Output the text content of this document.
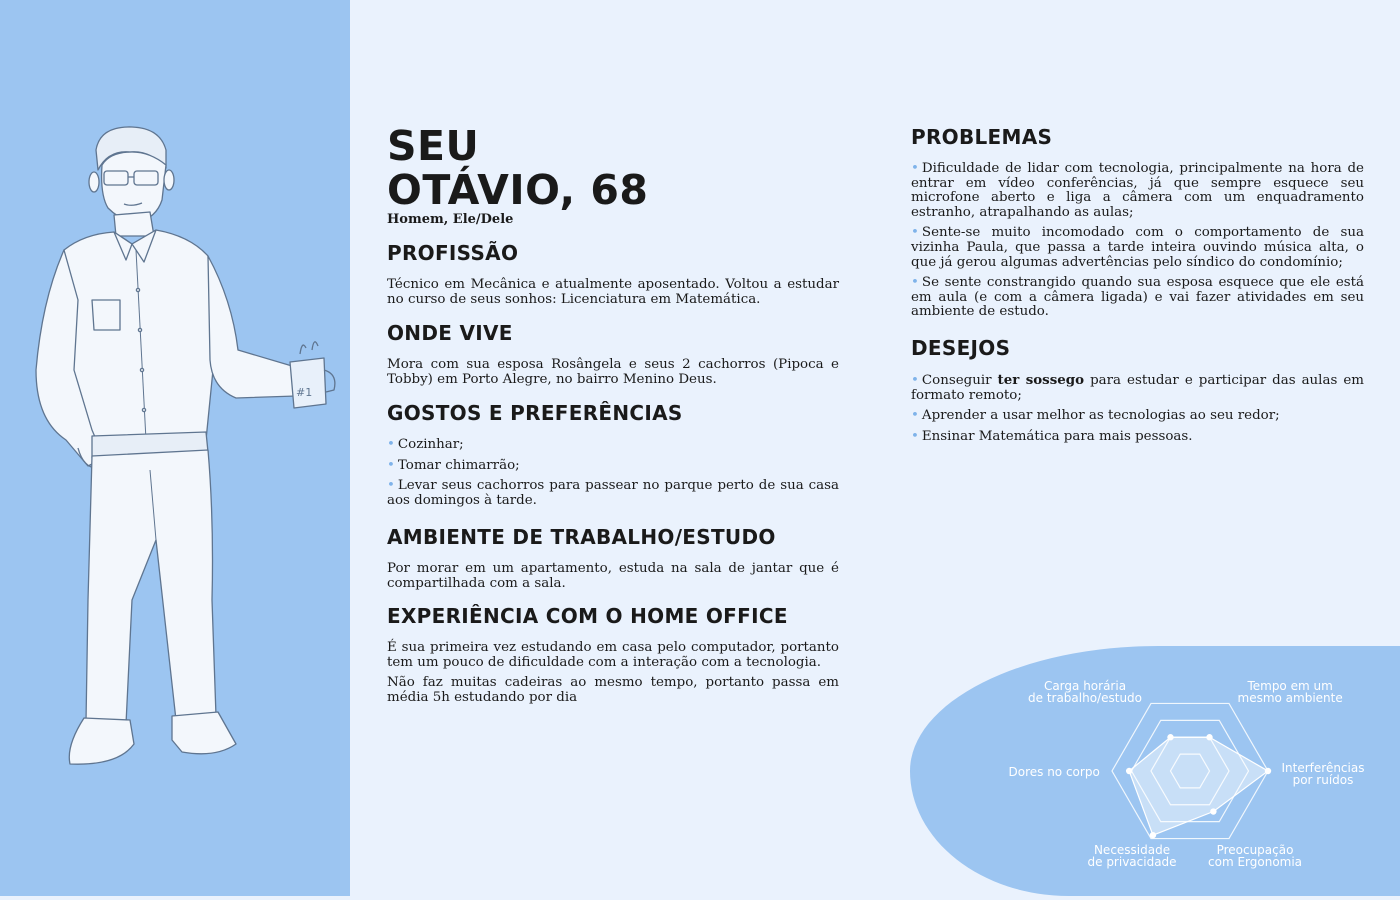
#1
SEU
OTÁVIO, 68
Homem, Ele/Dele
PROFISSÃO

Técnico em Mecânica e atualmente aposentado. Voltou a estudar no curso de seus sonhos: Licenciatura em Matemática.

ONDE VIVE

Mora com sua esposa Rosângela e seus 2 cachorros (Pipoca e Tobby) em Porto Alegre, no bairro Menino Deus.

GOSTOS E PREFERÊNCIAS

• Cozinhar;

• Tomar chimarrão;

• Levar seus cachorros para passear no parque perto de sua casa aos domingos à tarde.

AMBIENTE DE TRABALHO/ESTUDO

Por morar em um apartamento, estuda na sala de jantar que é compartilhada com a sala.

EXPERIÊNCIA COM O HOME OFFICE

É sua primeira vez estudando em casa pelo computador, portanto tem um pouco de dificuldade com a interação com a tecnologia.

Não faz muitas cadeiras ao mesmo tempo, portanto passa em média 5h estudando por dia

PROBLEMAS

• Dificuldade de lidar com tecnologia, principalmente na hora de entrar em vídeo conferências, já que sempre esquece seu microfone aberto e liga a câmera com um enquadramento estranho, atrapalhando as aulas;

• Sente-se muito incomodado com o comportamento de sua vizinha Paula, que passa a tarde inteira ouvindo música alta, o que já gerou algumas advertências pelo síndico do condomínio;

• Se sente constrangido quando sua esposa esquece que ele está em aula (e com a câmera ligada) e vai fazer atividades em seu ambiente de estudo.

DESEJOS

• Conseguir ter sossego para estudar e participar das aulas em formato remoto;

• Aprender a usar melhor as tecnologias ao seu redor;

• Ensinar Matemática para mais pessoas.

Carga horária
de trabalho/estudo
Tempo em um
mesmo ambiente
Interferências
por ruídos
Preocupação
com Ergonomia
Necessidade
de privacidade
Dores no corpo
